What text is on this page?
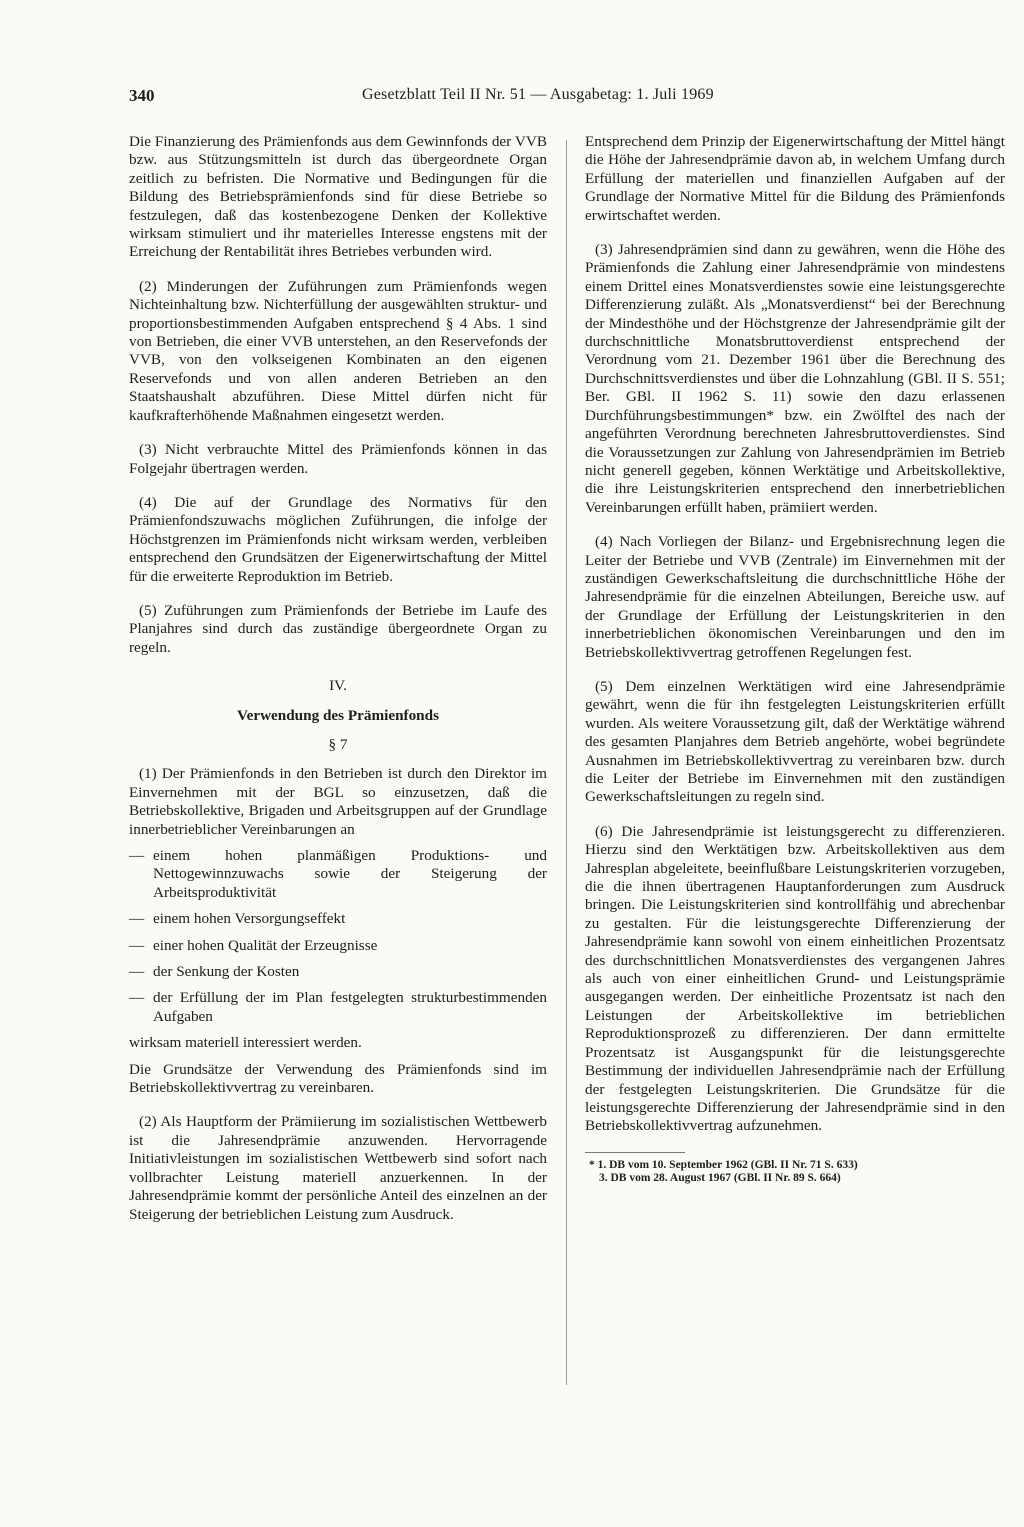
340	Gesetzblatt Teil II Nr. 51 — Ausgabetag: 1. Juli 1969

Die Finanzierung des Prämienfonds aus dem Gewinnfonds der VVB bzw. aus Stützungsmitteln ist durch das übergeordnete Organ zeitlich zu befristen. Die Normative und Bedingungen für die Bildung des Betriebsprämienfonds sind für diese Betriebe so festzulegen, daß das kostenbezogene Denken der Kollektive wirksam stimuliert und ihr materielles Interesse engstens mit der Erreichung der Rentabilität ihres Betriebes verbunden wird.

(2) Minderungen der Zuführungen zum Prämienfonds wegen Nichteinhaltung bzw. Nichterfüllung der ausgewählten struktur- und proportionsbestimmenden Aufgaben entsprechend § 4 Abs. 1 sind von Betrieben, die einer VVB unterstehen, an den Reservefonds der VVB, von den volkseigenen Kombinaten an den eigenen Reservefonds und von allen anderen Betrieben an den Staatshaushalt abzuführen. Diese Mittel dürfen nicht für kaufkrafterhöhende Maßnahmen eingesetzt werden.

(3) Nicht verbrauchte Mittel des Prämienfonds können in das Folgejahr übertragen werden.

(4) Die auf der Grundlage des Normativs für den Prämienfondszuwachs möglichen Zuführungen, die infolge der Höchstgrenzen im Prämienfonds nicht wirksam werden, verbleiben entsprechend den Grundsätzen der Eigenerwirtschaftung der Mittel für die erweiterte Reproduktion im Betrieb.

(5) Zuführungen zum Prämienfonds der Betriebe im Laufe des Planjahres sind durch das zuständige übergeordnete Organ zu regeln.

IV.
Verwendung des Prämienfonds
§ 7

(1) Der Prämienfonds in den Betrieben ist durch den Direktor im Einvernehmen mit der BGL so einzusetzen, daß die Betriebskollektive, Brigaden und Arbeitsgruppen auf der Grundlage innerbetrieblicher Vereinbarungen an

— einem hohen planmäßigen Produktions- und Nettogewinnzuwachs sowie der Steigerung der Arbeitsproduktivität
— einem hohen Versorgungseffekt
— einer hohen Qualität der Erzeugnisse
— der Senkung der Kosten
— der Erfüllung der im Plan festgelegten strukturbestimmenden Aufgaben

wirksam materiell interessiert werden.

Die Grundsätze der Verwendung des Prämienfonds sind im Betriebskollektivvertrag zu vereinbaren.

(2) Als Hauptform der Prämiierung im sozialistischen Wettbewerb ist die Jahresendprämie anzuwenden. Hervorragende Initiativleistungen im sozialistischen Wettbewerb sind sofort nach vollbrachter Leistung materiell anzuerkennen. In der Jahresendprämie kommt der persönliche Anteil des einzelnen an der Steigerung der betrieblichen Leistung zum Ausdruck.

Entsprechend dem Prinzip der Eigenerwirtschaftung der Mittel hängt die Höhe der Jahresendprämie davon ab, in welchem Umfang durch Erfüllung der materiellen und finanziellen Aufgaben auf der Grundlage der Normative Mittel für die Bildung des Prämienfonds erwirtschaftet werden.

(3) Jahresendprämien sind dann zu gewähren, wenn die Höhe des Prämienfonds die Zahlung einer Jahresendprämie von mindestens einem Drittel eines Monatsverdienstes sowie eine leistungsgerechte Differenzierung zuläßt. Als „Monatsverdienst“ bei der Berechnung der Mindesthöhe und der Höchstgrenze der Jahresendprämie gilt der durchschnittliche Monatsbruttoverdienst entsprechend der Verordnung vom 21. Dezember 1961 über die Berechnung des Durchschnittsverdienstes und über die Lohnzahlung (GBl. II S. 551; Ber. GBl. II 1962 S. 11) sowie den dazu erlassenen Durchführungsbestimmungen* bzw. ein Zwölftel des nach der angeführten Verordnung berechneten Jahresbruttoverdienstes. Sind die Voraussetzungen zur Zahlung von Jahresendprämien im Betrieb nicht generell gegeben, können Werktätige und Arbeitskollektive, die ihre Leistungskriterien entsprechend den innerbetrieblichen Vereinbarungen erfüllt haben, prämiiert werden.

(4) Nach Vorliegen der Bilanz- und Ergebnisrechnung legen die Leiter der Betriebe und VVB (Zentrale) im Einvernehmen mit der zuständigen Gewerkschaftsleitung die durchschnittliche Höhe der Jahresendprämie für die einzelnen Abteilungen, Bereiche usw. auf der Grundlage der Erfüllung der Leistungskriterien in den innerbetrieblichen ökonomischen Vereinbarungen und den im Betriebskollektivvertrag getroffenen Regelungen fest.

(5) Dem einzelnen Werktätigen wird eine Jahresendprämie gewährt, wenn die für ihn festgelegten Leistungskriterien erfüllt wurden. Als weitere Voraussetzung gilt, daß der Werktätige während des gesamten Planjahres dem Betrieb angehörte, wobei begründete Ausnahmen im Betriebskollektivvertrag zu vereinbaren bzw. durch die Leiter der Betriebe im Einvernehmen mit den zuständigen Gewerkschaftsleitungen zu regeln sind.

(6) Die Jahresendprämie ist leistungsgerecht zu differenzieren. Hierzu sind den Werktätigen bzw. Arbeitskollektiven aus dem Jahresplan abgeleitete, beeinflußbare Leistungskriterien vorzugeben, die die ihnen übertragenen Hauptanforderungen zum Ausdruck bringen. Die Leistungskriterien sind kontrollfähig und abrechenbar zu gestalten. Für die leistungsgerechte Differenzierung der Jahresendprämie kann sowohl von einem einheitlichen Prozentsatz des durchschnittlichen Monatsverdienstes des vergangenen Jahres als auch von einer einheitlichen Grund- und Leistungsprämie ausgegangen werden. Der einheitliche Prozentsatz ist nach den Leistungen der Arbeitskollektive im betrieblichen Reproduktionsprozeß zu differenzieren. Der dann ermittelte Prozentsatz ist Ausgangspunkt für die leistungsgerechte Bestimmung der individuellen Jahresendprämie nach der Erfüllung der festgelegten Leistungskriterien. Die Grundsätze für die leistungsgerechte Differenzierung der Jahresendprämie sind in den Betriebskollektivvertrag aufzunehmen.

* 1. DB vom 10. September 1962 (GBl. II Nr. 71 S. 633)
3. DB vom 28. August 1967 (GBl. II Nr. 89 S. 664)
